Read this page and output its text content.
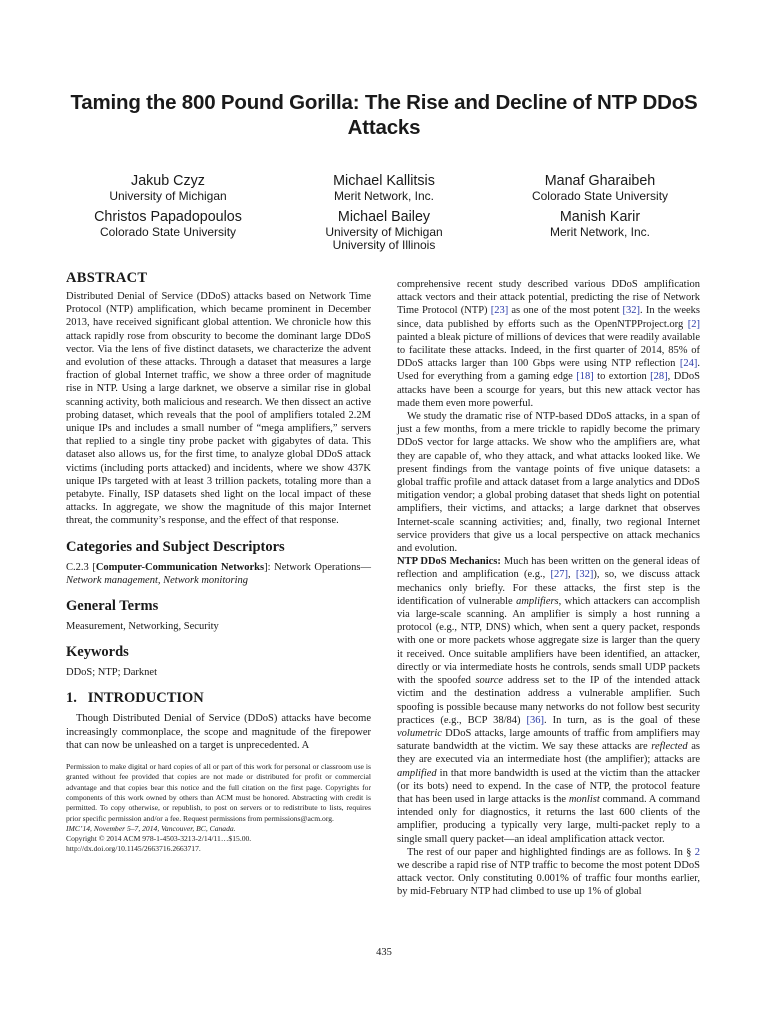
Taming the 800 Pound Gorilla: The Rise and Decline of NTP DDoS Attacks
Jakub Czyz
University of Michigan
Michael Kallitsis
Merit Network, Inc.
Manaf Gharaibeh
Colorado State University
Christos Papadopoulos
Colorado State University
Michael Bailey
University of Michigan
University of Illinois
Manish Karir
Merit Network, Inc.
ABSTRACT

Distributed Denial of Service (DDoS) attacks based on Network Time Protocol (NTP) amplification, which became prominent in December 2013, have received significant global attention. We chronicle how this attack rapidly rose from obscurity to become the dominant large DDoS vector. Via the lens of five distinct datasets, we characterize the advent and evolution of these attacks. Through a dataset that measures a large fraction of global Internet traffic, we show a three order of magnitude rise in NTP. Using a large darknet, we observe a similar rise in global scanning activity, both malicious and research. We then dissect an active probing dataset, which reveals that the pool of amplifiers totaled 2.2M unique IPs and includes a small number of “mega amplifiers,” servers that replied to a single tiny probe packet with gigabytes of data. This dataset also allows us, for the first time, to analyze global DDoS attack victims (including ports attacked) and incidents, where we show 437K unique IPs targeted with at least 3 trillion packets, totaling more than a petabyte. Finally, ISP datasets shed light on the local impact of these attacks. In aggregate, we show the magnitude of this major Internet threat, the community’s response, and the effect of that response.

Categories and Subject Descriptors

C.2.3 [Computer-Communication Networks]: Network Operations—Network management, Network monitoring

General Terms

Measurement, Networking, Security

Keywords

DDoS; NTP; Darknet

1.   INTRODUCTION

Though Distributed Denial of Service (DDoS) attacks have become increasingly commonplace, the scope and magnitude of the firepower that can now be unleashed on a target is unprecedented. A

Permission to make digital or hard copies of all or part of this work for personal or classroom use is granted without fee provided that copies are not made or distributed for profit or commercial advantage and that copies bear this notice and the full citation on the first page. Copyrights for components of this work owned by others than ACM must be honored. Abstracting with credit is permitted. To copy otherwise, or republish, to post on servers or to redistribute to lists, requires prior specific permission and/or a fee. Request permissions from permissions@acm.org.

IMC’14, November 5–7, 2014, Vancouver, BC, Canada.

Copyright © 2014 ACM 978-1-4503-3213-2/14/11…$15.00.

http://dx.doi.org/10.1145/2663716.2663717.

comprehensive recent study described various DDoS amplification attack vectors and their attack potential, predicting the rise of Network Time Protocol (NTP) [23] as one of the most potent [32]. In the weeks since, data published by efforts such as the OpenNTPProject.org [2] painted a bleak picture of millions of devices that were readily available to facilitate these attacks. Indeed, in the first quarter of 2014, 85% of DDoS attacks larger than 100 Gbps were using NTP reflection [24]. Used for everything from a gaming edge [18] to extortion [28], DDoS attacks have been a scourge for years, but this new attack vector has made them even more powerful.

We study the dramatic rise of NTP-based DDoS attacks, in a span of just a few months, from a mere trickle to rapidly become the primary DDoS vector for large attacks. We show who the amplifiers are, what they are capable of, who they attack, and what attacks looked like. We present findings from the vantage points of five unique datasets: a global traffic profile and attack dataset from a large analytics and DDoS mitigation vendor; a global probing dataset that sheds light on potential amplifiers, their victims, and attacks; a large darknet that observes Internet-scale scanning activities; and, finally, two regional Internet service providers that give us a local perspective on attack mechanics and evolution.

NTP DDoS Mechanics: Much has been written on the general ideas of reflection and amplification (e.g., [27], [32]), so, we discuss attack mechanics only briefly. For these attacks, the first step is the identification of vulnerable amplifiers, which attackers can accomplish via large-scale scanning. An amplifier is simply a host running a protocol (e.g., NTP, DNS) which, when sent a query packet, responds with one or more packets whose aggregate size is larger than the query it received. Once suitable amplifiers have been identified, an attacker, directly or via intermediate hosts he controls, sends small UDP packets with the spoofed source address set to the IP of the intended attack victim and the destination address a vulnerable amplifier. Such spoofing is possible because many networks do not follow best security practices (e.g., BCP 38/84) [36]. In turn, as is the goal of these volumetric DDoS attacks, large amounts of traffic from amplifiers may saturate bandwidth at the victim. We say these attacks are reflected as they are executed via an intermediate host (the amplifier); attacks are amplified in that more bandwidth is used at the victim than the attacker (or its bots) need to expend. In the case of NTP, the protocol feature that has been used in large attacks is the monlist command. A command intended only for diagnostics, it returns the last 600 clients of the amplifier, producing a typically very large, multi-packet reply to a single small query packet—an ideal amplification attack vector.

The rest of our paper and highlighted findings are as follows. In § 2 we describe a rapid rise of NTP traffic to become the most potent DDoS attack vector. Only constituting 0.001% of traffic four months earlier, by mid-February NTP had climbed to use up 1% of global

435
